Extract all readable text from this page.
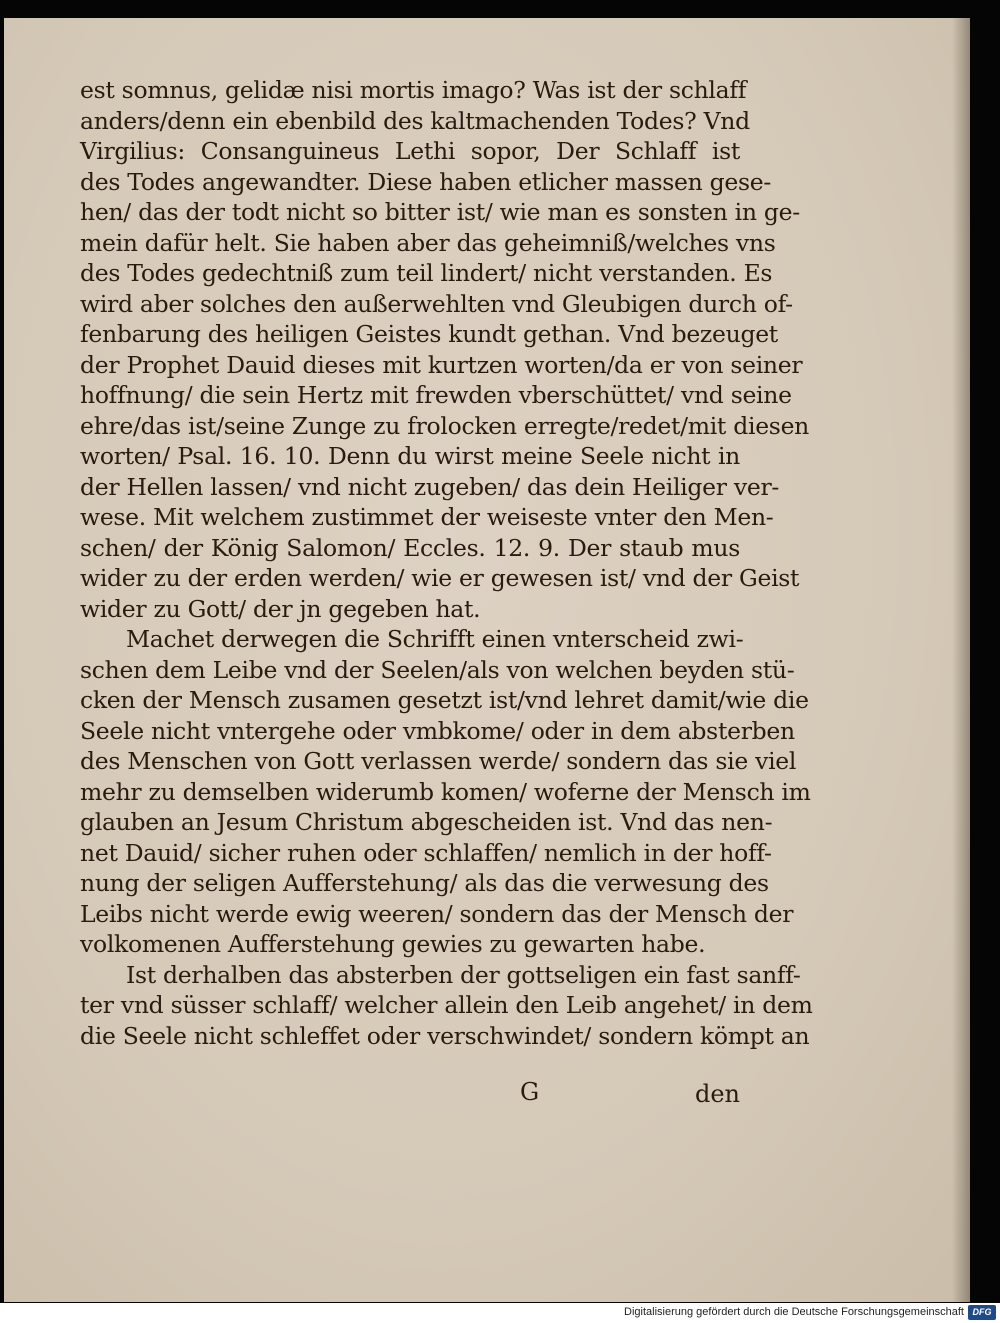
est somnus, gelidæ nisi mortis imago? Was ist der schlaff
anders/denn ein ebenbild des kaltmachenden Todes? Vnd
Virgilius: Consanguineus Lethi sopor, Der Schlaff ist
des Todes angewandter. Diese haben etlicher massen gese-
hen/ das der todt nicht so bitter ist/ wie man es sonsten in ge-
mein dafür helt. Sie haben aber das geheimniß/welches vns
des Todes gedechtniß zum teil lindert/ nicht verstanden. Es
wird aber solches den außerwehlten vnd Gleubigen durch of-
fenbarung des heiligen Geistes kundt gethan. Vnd bezeuget
der Prophet Dauid dieses mit kurtzen worten/da er von seiner
hoffnung/ die sein Hertz mit frewden vberschüttet/ vnd seine
ehre/das ist/seine Zunge zu frolocken erregte/redet/mit diesen
worten/ Psal. 16. 10. Denn du wirst meine Seele nicht in
der Hellen lassen/ vnd nicht zugeben/ das dein Heiliger ver-
wese. Mit welchem zustimmet der weiseste vnter den Men-
schen/ der König Salomon/ Eccles. 12. 9. Der staub mus
wider zu der erden werden/ wie er gewesen ist/ vnd der Geist
wider zu Gott/ der jn gegeben hat.
Machet derwegen die Schrifft einen vnterscheid zwi-
schen dem Leibe vnd der Seelen/als von welchen beyden stü-
cken der Mensch zusamen gesetzt ist/vnd lehret damit/wie die
Seele nicht vntergehe oder vmbkome/ oder in dem absterben
des Menschen von Gott verlassen werde/ sondern das sie viel
mehr zu demselben widerumb komen/ woferne der Mensch im
glauben an Jesum Christum abgescheiden ist. Vnd das nen-
net Dauid/ sicher ruhen oder schlaffen/ nemlich in der hoff-
nung der seligen Aufferstehung/ als das die verwesung des
Leibs nicht werde ewig weeren/ sondern das der Mensch der
volkomenen Aufferstehung gewies zu gewarten habe.
Ist derhalben das absterben der gottseligen ein fast sanff-
ter vnd süsser schlaff/ welcher allein den Leib angehet/ in dem
die Seele nicht schleffet oder verschwindet/ sondern kömpt an
G	den
Digitalisierung gefördert durch die Deutsche Forschungsgemeinschaft DFG
